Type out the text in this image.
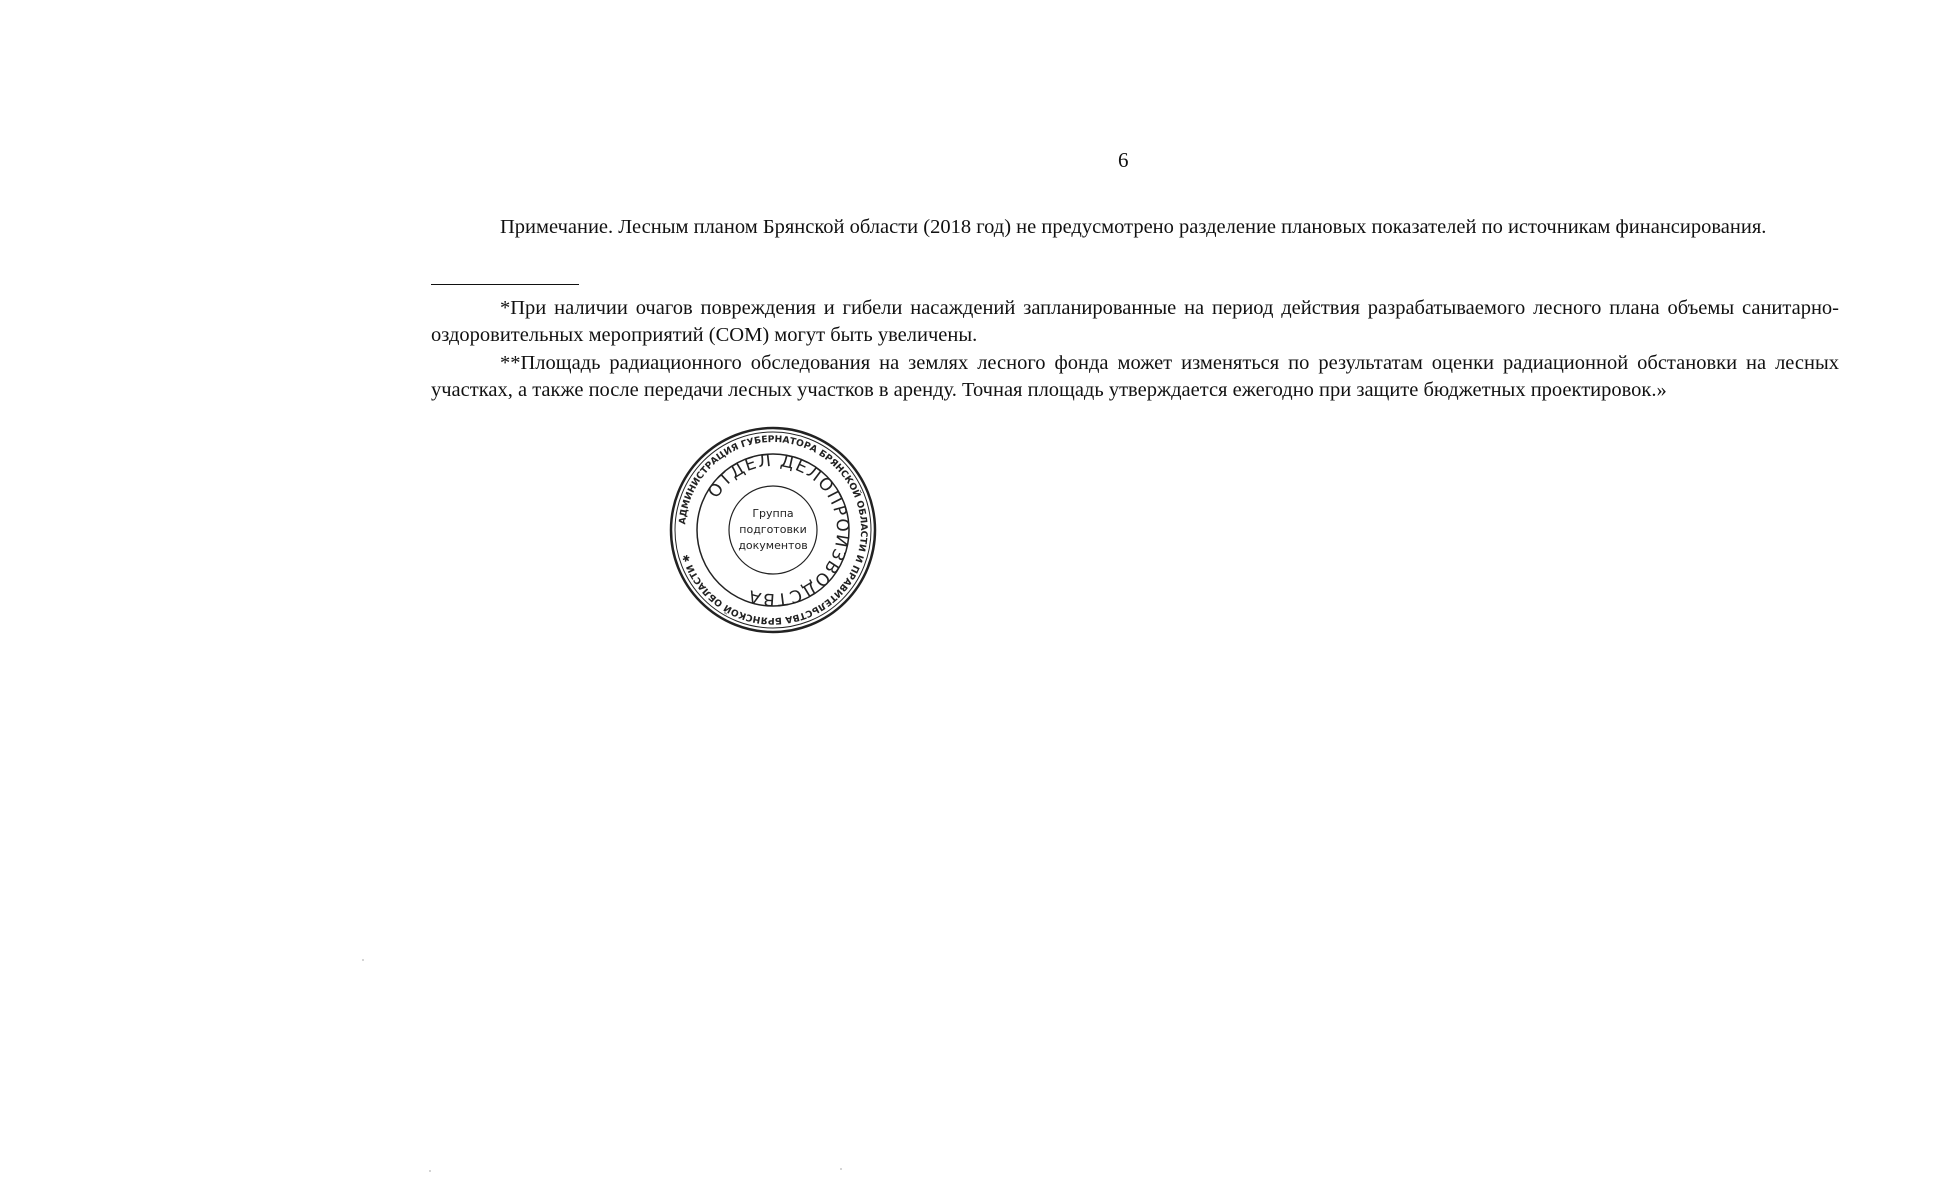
6

Примечание. Лесным планом Брянской области (2018 год) не предусмотрено разделение плановых показателей по источникам финансирования.

*При наличии очагов повреждения и гибели насаждений запланированные на период действия разрабатываемого лесного плана объемы санитарно-оздоровительных мероприятий (СОМ) могут быть увеличены.

**Площадь радиационного обследования на землях лесного фонда может изменяться по результатам оценки радиационной обстановки на лесных участках, а также после передачи лесных участков в аренду. Точная площадь утверждается ежегодно при защите бюджетных проектировок.»

АДМИНИСТРАЦИЯ ГУБЕРНАТОРА БРЯНСКОЙ ОБЛАСТИ И ПРАВИТЕЛЬСТВА БРЯНСКОЙ ОБЛАСТИ ✱
ОТДЕЛ ДЕЛОПРОИЗВОДСТВА
Группа
подготовки
документов
